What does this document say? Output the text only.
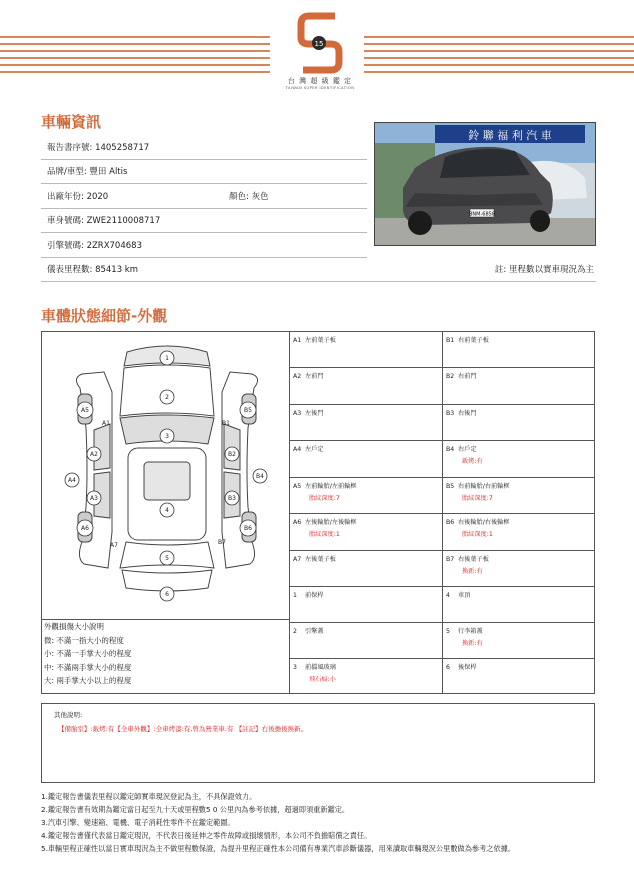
15
台 灣 超 級 鑑 定
TAIWAN SUPER IDENTIFICATION
車輛資訊
報告書序號: 1405258717
品牌/車型: 豐田 Altis
出廠年份: 2020	顏色: 灰色
車身號碼: ZWE2110008717
引擎號碼: 2ZRX704683
儀表里程數: 85413 km	註: 里程數以實車現況為主
鈴 聯 福 利 汽 車
BNM-6858
車體狀態細節-外觀
1
2
3
4
5
6
A1
A2
A3
A4
A5
A6
A7
B1
B2
B3
B4
B5
B6
B7
外觀損傷大小說明
微: 不滿一指大小的程度
小: 不滿一手掌大小的程度
中: 不滿兩手掌大小的程度
大: 兩手掌大小以上的程度
A1 左前葉子板	B1 右前葉子板
A2 左前門	B2 右前門
A3 左後門	B3 右後門
A4 左戶定	B4 右戶定
鈑烤:有
A5 左前輪胎/左前輪框
胎紋深度:7
B5 右前輪胎/右前輪框
胎紋深度:7
A6 左後輪胎/左後輪框
胎紋深度:1
B6 右後輪胎/右後輪框
胎紋深度:1
A7 左後葉子板	B7 右後葉子板
換新:有
1 前保桿	4 車頂
2 引擎蓋	5 行李箱蓋
換新:有
3 前擋風玻璃
飛石痕:小
6 後保桿
其他說明:
【備胎室】:鈑烤:有【全車外觀】:全車烤漆:有,曾為營業車:有 【註記】右後擔後換新。
1.鑑定報告書儀表里程以鑑定師實車現況登記為主，不具保證效力。
2.鑑定報告書有效期為鑑定當日起至九十天或里程數5 0 公里內為參考依據，超過即須重新鑑定。
3.汽車引擎、變速箱、電機、電子消耗性零件不在鑑定範圍。
4.鑑定報告書僅代表當日鑑定現況，不代表日後延伸之零件故障或損壞情形，本公司不負擔賠償之責任。
5.車輛里程正確性以當日實車現況為主不做里程數保證，為提升里程正確性本公司備有專業汽車診斷儀器，用來讀取車輛現況公里數做為參考之依據。
